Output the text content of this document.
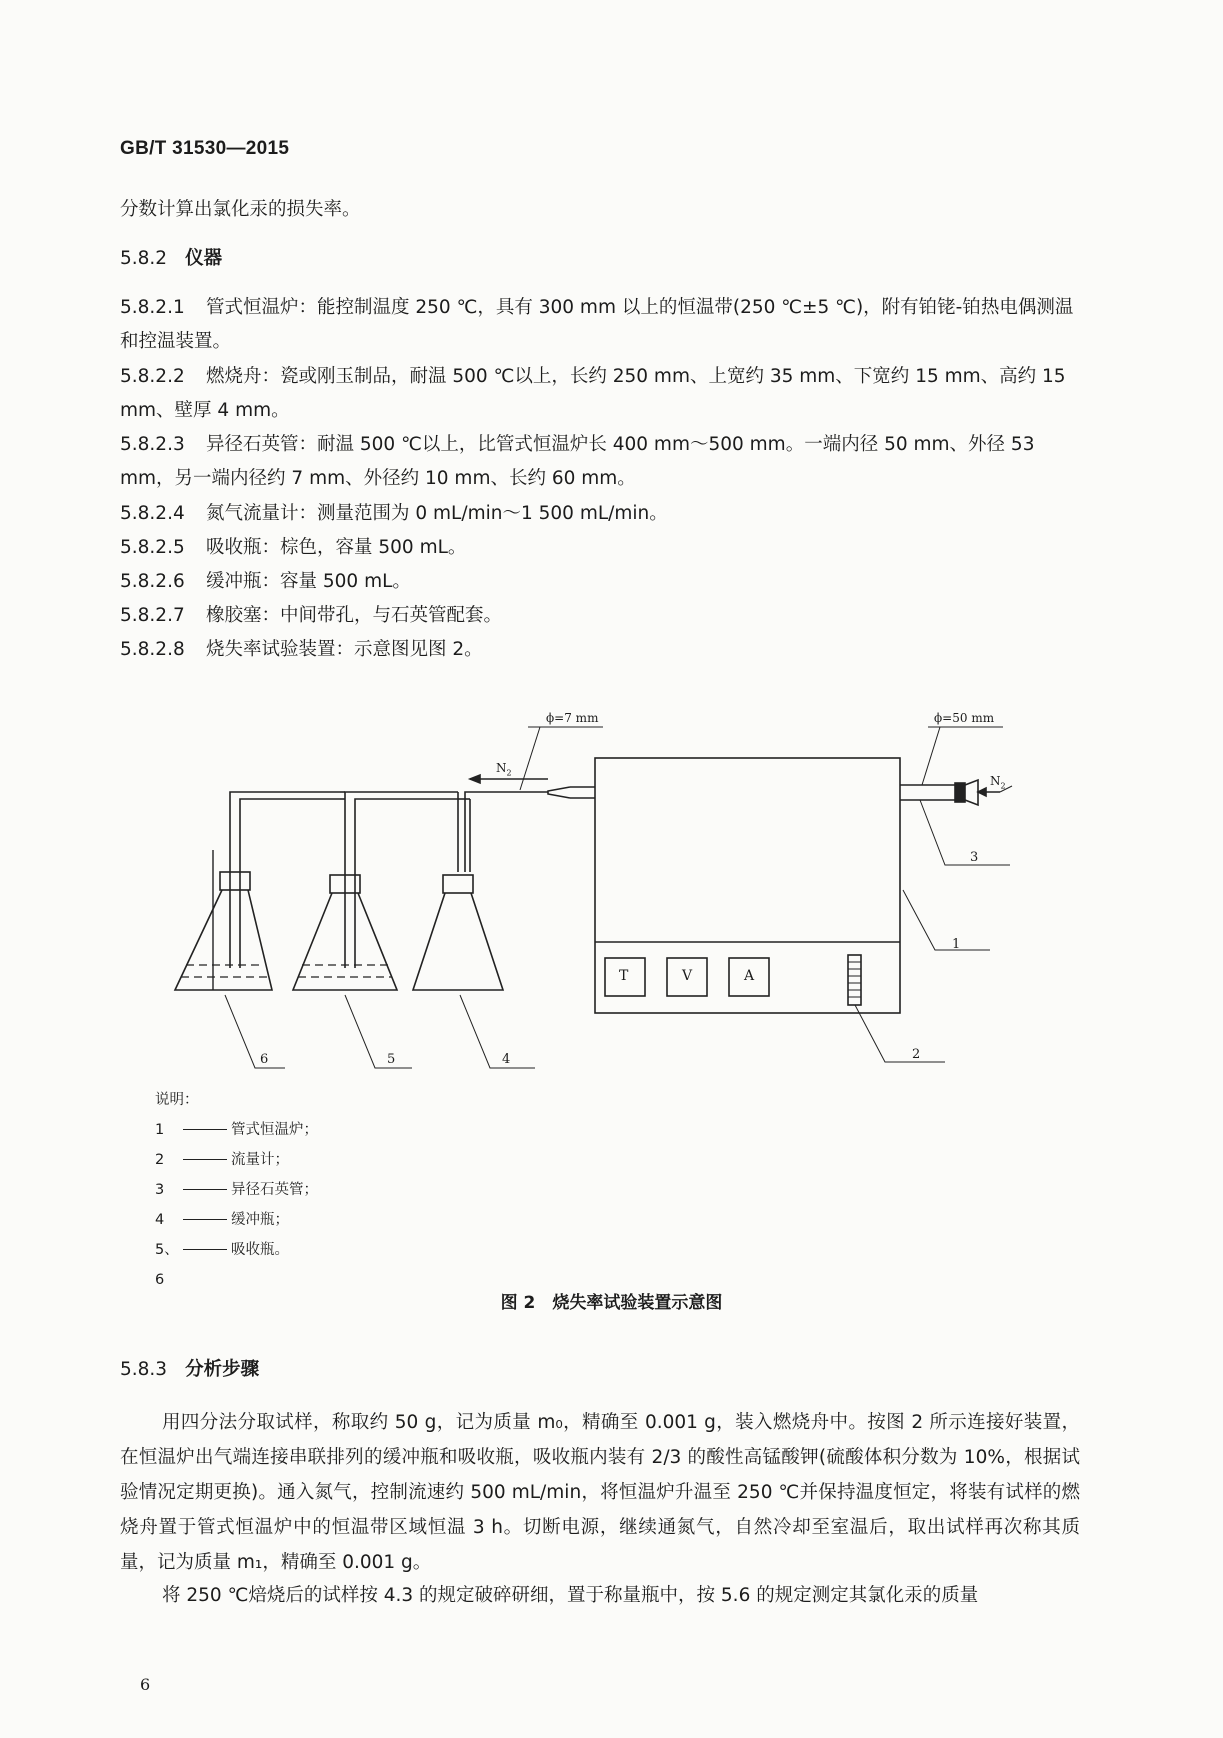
GB/T 31530—2015
分数计算出氯化汞的损失率。
5.8.2 仪器
5.8.2.1 管式恒温炉：能控制温度 250 ℃，具有 300 mm 以上的恒温带(250 ℃±5 ℃)，附有铂铑-铂热电偶测温和控温装置。
5.8.2.2 燃烧舟：瓷或刚玉制品，耐温 500 ℃以上，长约 250 mm、上宽约 35 mm、下宽约 15 mm、高约 15 mm、壁厚 4 mm。
5.8.2.3 异径石英管：耐温 500 ℃以上，比管式恒温炉长 400 mm～500 mm。一端内径 50 mm、外径 53 mm，另一端内径约 7 mm、外径约 10 mm、长约 60 mm。
5.8.2.4 氮气流量计：测量范围为 0 mL/min～1 500 mL/min。
5.8.2.5 吸收瓶：棕色，容量 500 mL。
5.8.2.6 缓冲瓶：容量 500 mL。
5.8.2.7 橡胶塞：中间带孔，与石英管配套。
5.8.2.8 烧失率试验装置：示意图见图 2。
ϕ=7 mm	ϕ=50 mm
$N_2$
$N_2$
T	V	A
1
2
3
4
5
6
说明：
1	管式恒温炉；
2	流量计；
3	异径石英管；
4	缓冲瓶；
5、6
吸收瓶。
图 2　烧失率试验装置示意图
5.8.3 分析步骤
用四分法分取试样，称取约 50 g，记为质量 m₀，精确至 0.001 g，装入燃烧舟中。按图 2 所示连接好装置，在恒温炉出气端连接串联排列的缓冲瓶和吸收瓶，吸收瓶内装有 2/3 的酸性高锰酸钾(硫酸体积分数为 10%，根据试验情况定期更换)。通入氮气，控制流速约 500 mL/min，将恒温炉升温至 250 ℃并保持温度恒定，将装有试样的燃烧舟置于管式恒温炉中的恒温带区域恒温 3 h。切断电源，继续通氮气，自然冷却至室温后，取出试样再次称其质量，记为质量 m₁，精确至 0.001 g。
将 250 ℃焙烧后的试样按 4.3 的规定破碎研细，置于称量瓶中，按 5.6 的规定测定其氯化汞的质量
6
